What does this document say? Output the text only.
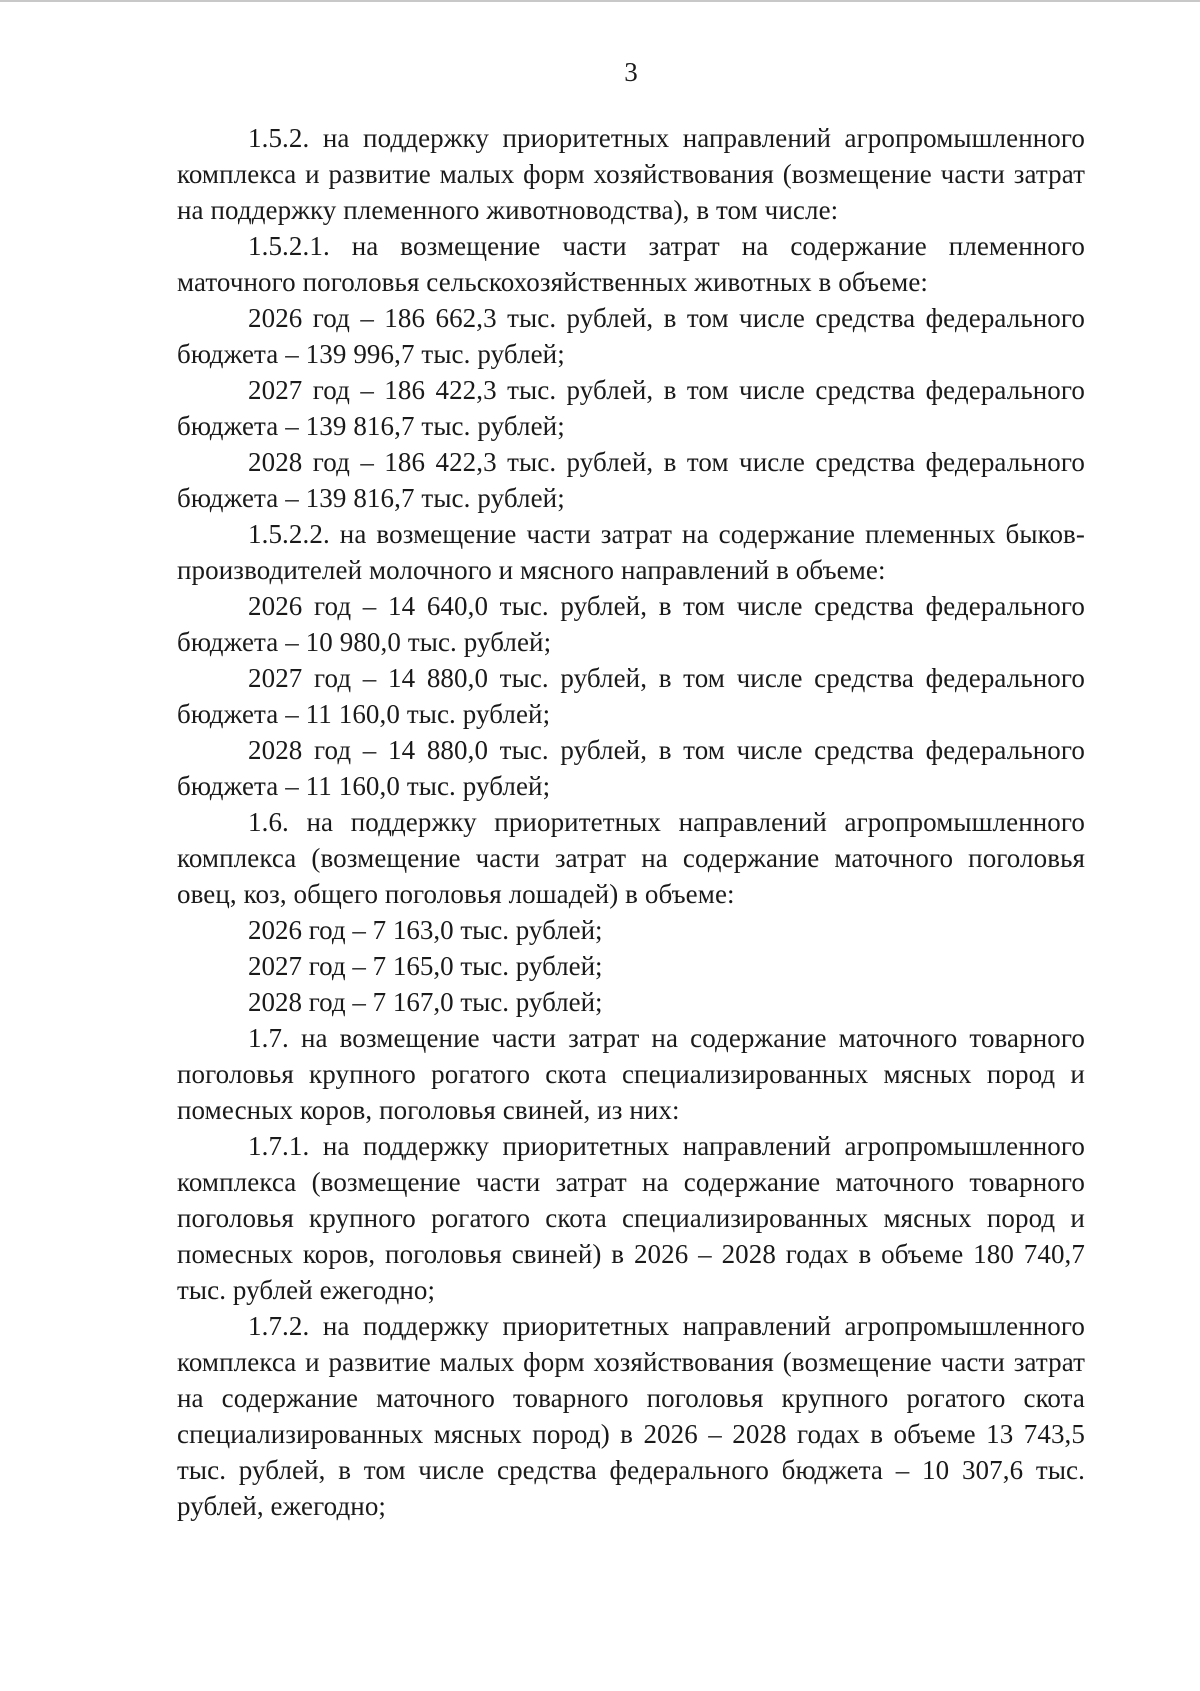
3

1.5.2. на поддержку приоритетных направлений агропромышленного комплекса и развитие малых форм хозяйствования (возмещение части затрат на поддержку племенного животноводства), в том числе:

1.5.2.1. на возмещение части затрат на содержание племенного маточного поголовья сельскохозяйственных животных в объеме:

2026 год – 186 662,3 тыс. рублей, в том числе средства федерального бюджета – 139 996,7 тыс. рублей;

2027 год – 186 422,3 тыс. рублей, в том числе средства федерального бюджета – 139 816,7 тыс. рублей;

2028 год – 186 422,3 тыс. рублей, в том числе средства федерального бюджета – 139 816,7 тыс. рублей;

1.5.2.2. на возмещение части затрат на содержание племенных быков-производителей молочного и мясного направлений в объеме:

2026 год – 14 640,0 тыс. рублей, в том числе средства федерального бюджета – 10 980,0 тыс. рублей;

2027 год – 14 880,0 тыс. рублей, в том числе средства федерального бюджета – 11 160,0 тыс. рублей;

2028 год – 14 880,0 тыс. рублей, в том числе средства федерального бюджета – 11 160,0 тыс. рублей;

1.6. на поддержку приоритетных направлений агропромышленного комплекса (возмещение части затрат на содержание маточного поголовья овец, коз, общего поголовья лошадей) в объеме:

2026 год – 7 163,0 тыс. рублей;

2027 год – 7 165,0 тыс. рублей;

2028 год – 7 167,0 тыс. рублей;

1.7. на возмещение части затрат на содержание маточного товарного поголовья крупного рогатого скота специализированных мясных пород и помесных коров, поголовья свиней, из них:

1.7.1. на поддержку приоритетных направлений агропромышленного комплекса (возмещение части затрат на содержание маточного товарного поголовья крупного рогатого скота специализированных мясных пород и помесных коров, поголовья свиней) в 2026 – 2028 годах в объеме 180 740,7 тыс. рублей ежегодно;

1.7.2. на поддержку приоритетных направлений агропромышленного комплекса и развитие малых форм хозяйствования (возмещение части затрат на содержание маточного товарного поголовья крупного рогатого скота специализированных мясных пород) в 2026 – 2028 годах в объеме 13 743,5 тыс. рублей, в том числе средства федерального бюджета – 10 307,6 тыс. рублей, ежегодно;
